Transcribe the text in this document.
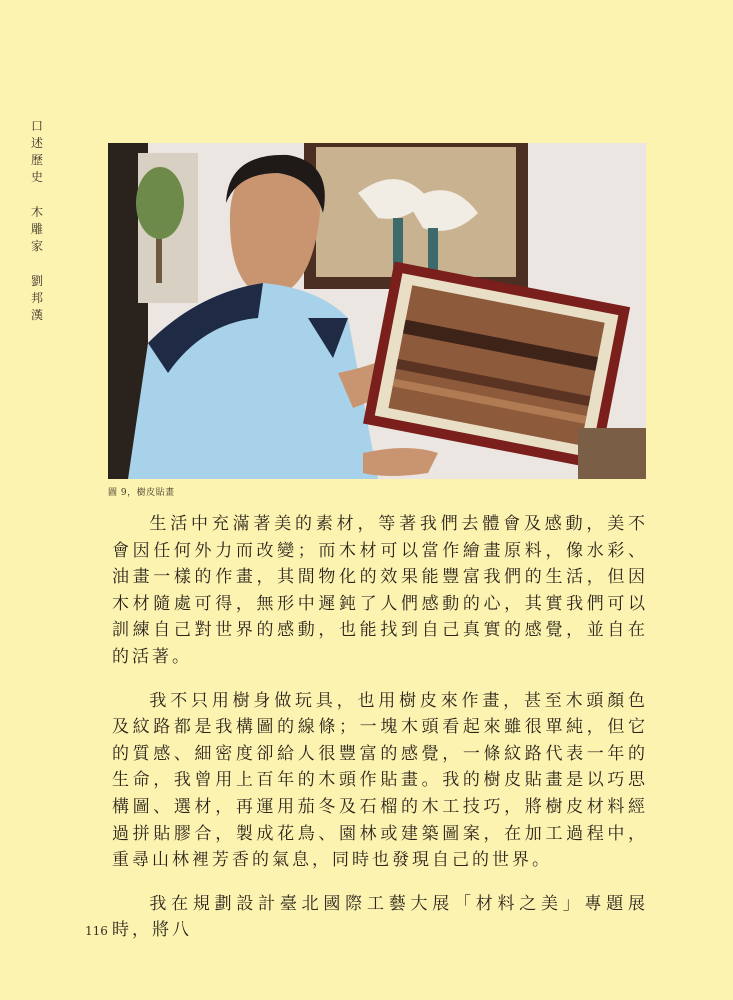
口
述
歷
史
木
雕
家
劉
邦
漢
圖 9，樹皮貼畫

生活中充滿著美的素材，等著我們去體會及感動，美不會因任何外力而改變；而木材可以當作繪畫原料，像水彩、油畫一樣的作畫，其間物化的效果能豐富我們的生活，但因木材隨處可得，無形中遲鈍了人們感動的心，其實我們可以訓練自己對世界的感動，也能找到自己真實的感覺，並自在的活著。

我不只用樹身做玩具，也用樹皮來作畫，甚至木頭顏色及紋路都是我構圖的線條；一塊木頭看起來雖很單純，但它的質感、細密度卻給人很豐富的感覺，一條紋路代表一年的生命，我曾用上百年的木頭作貼畫。我的樹皮貼畫是以巧思構圖、選材，再運用茄冬及石榴的木工技巧，將樹皮材料經過拼貼膠合，製成花鳥、園林或建築圖案，在加工過程中，重尋山林裡芳香的氣息，同時也發現自己的世界。

我在規劃設計臺北國際工藝大展「材料之美」專題展時，將八

116
